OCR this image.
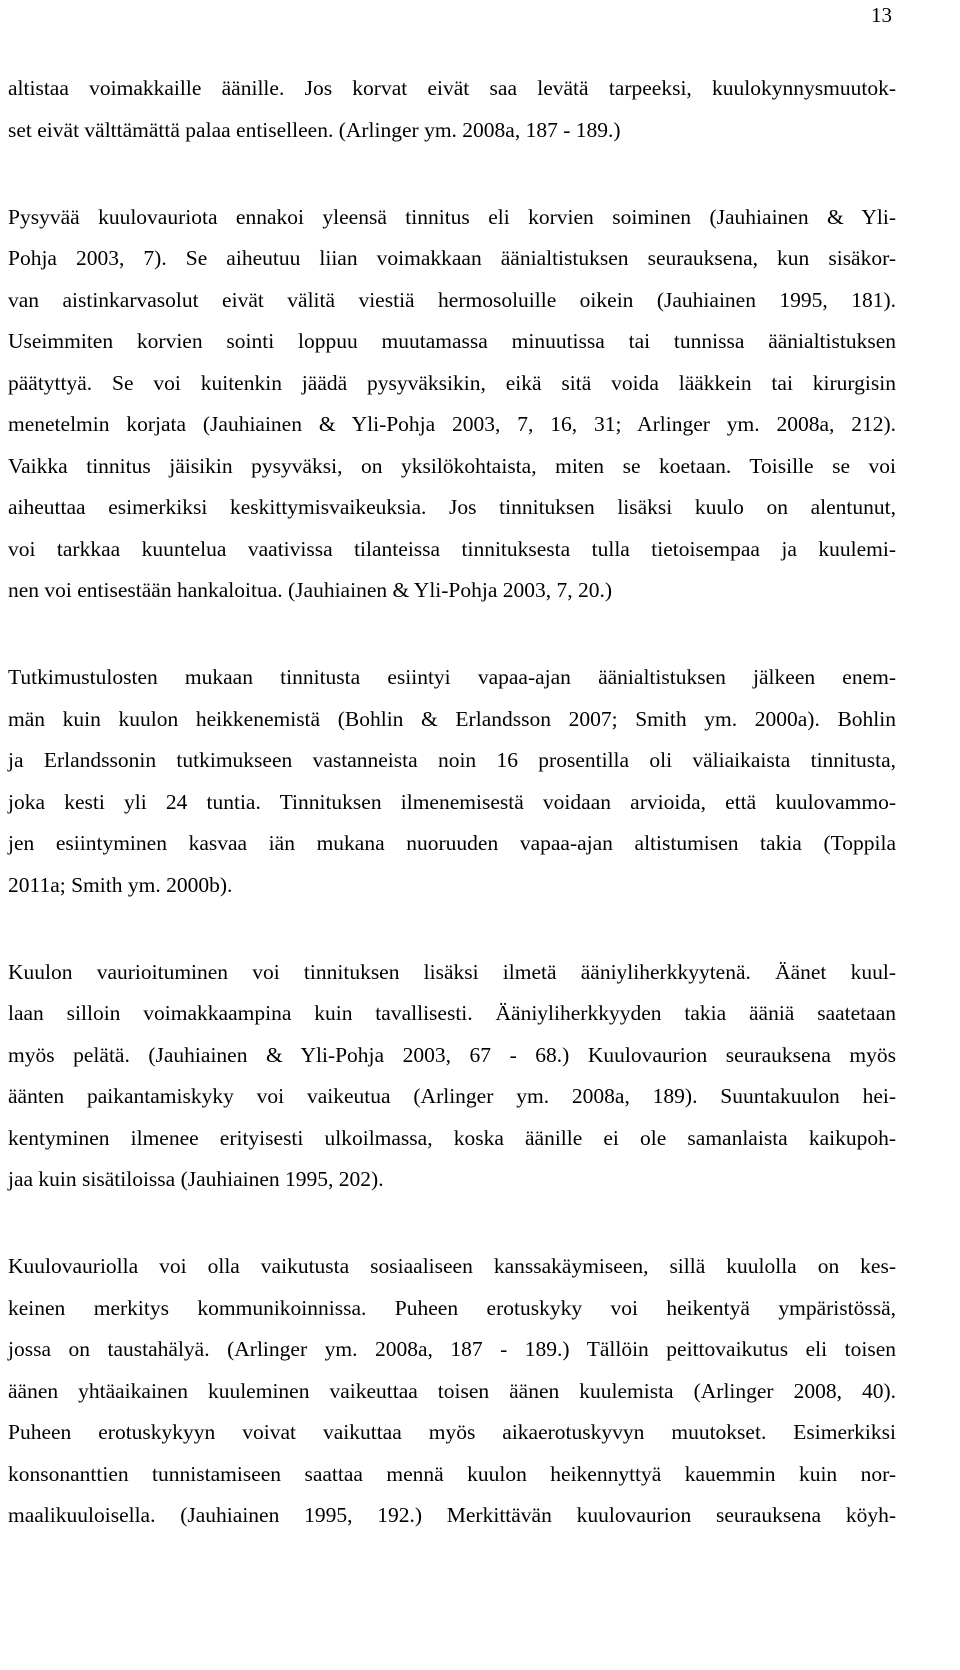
13
altistaa voimakkaille äänille. Jos korvat eivät saa levätä tarpeeksi, kuulokynnysmuutok-
set eivät välttämättä palaa entiselleen. (Arlinger ym. 2008a, 187 - 189.)
Pysyvää kuulovauriota ennakoi yleensä tinnitus eli korvien soiminen (Jauhiainen & Yli-
Pohja 2003, 7). Se aiheutuu liian voimakkaan äänialtistuksen seurauksena, kun sisäkor-
van aistinkarvasolut eivät välitä viestiä hermosoluille oikein (Jauhiainen 1995, 181).
Useimmiten korvien sointi loppuu muutamassa minuutissa tai tunnissa äänialtistuksen
päätyttyä. Se voi kuitenkin jäädä pysyväksikin, eikä sitä voida lääkkein tai kirurgisin
menetelmin korjata (Jauhiainen & Yli-Pohja 2003, 7, 16, 31; Arlinger ym. 2008a, 212).
Vaikka tinnitus jäisikin pysyväksi, on yksilökohtaista, miten se koetaan. Toisille se voi
aiheuttaa esimerkiksi keskittymisvaikeuksia. Jos tinnituksen lisäksi kuulo on alentunut,
voi tarkkaa kuuntelua vaativissa tilanteissa tinnituksesta tulla tietoisempaa ja kuulemi-
nen voi entisestään hankaloitua. (Jauhiainen & Yli-Pohja 2003, 7, 20.)
Tutkimustulosten mukaan tinnitusta esiintyi vapaa-ajan äänialtistuksen jälkeen enem-
män kuin kuulon heikkenemistä (Bohlin & Erlandsson 2007; Smith ym. 2000a). Bohlin
ja Erlandssonin tutkimukseen vastanneista noin 16 prosentilla oli väliaikaista tinnitusta,
joka kesti yli 24 tuntia. Tinnituksen ilmenemisestä voidaan arvioida, että kuulovammo-
jen esiintyminen kasvaa iän mukana nuoruuden vapaa-ajan altistumisen takia (Toppila
2011a; Smith ym. 2000b).
Kuulon vaurioituminen voi tinnituksen lisäksi ilmetä ääniyliherkkyytenä. Äänet kuul-
laan silloin voimakkaampina kuin tavallisesti. Ääniyliherkkyyden takia ääniä saatetaan
myös pelätä. (Jauhiainen & Yli-Pohja 2003, 67 - 68.) Kuulovaurion seurauksena myös
äänten paikantamiskyky voi vaikeutua (Arlinger ym. 2008a, 189). Suuntakuulon hei-
kentyminen ilmenee erityisesti ulkoilmassa, koska äänille ei ole samanlaista kaikupoh-
jaa kuin sisätiloissa (Jauhiainen 1995, 202).
Kuulovauriolla voi olla vaikutusta sosiaaliseen kanssakäymiseen, sillä kuulolla on kes-
keinen merkitys kommunikoinnissa. Puheen erotuskyky voi heikentyä ympäristössä,
jossa on taustahälyä. (Arlinger ym. 2008a, 187 - 189.) Tällöin peittovaikutus eli toisen
äänen yhtäaikainen kuuleminen vaikeuttaa toisen äänen kuulemista (Arlinger 2008, 40).
Puheen erotuskykyyn voivat vaikuttaa myös aikaerotuskyvyn muutokset. Esimerkiksi
konsonanttien tunnistamiseen saattaa mennä kuulon heikennyttyä kauemmin kuin nor-
maalikuuloisella. (Jauhiainen 1995, 192.) Merkittävän kuulovaurion seurauksena köyh-
